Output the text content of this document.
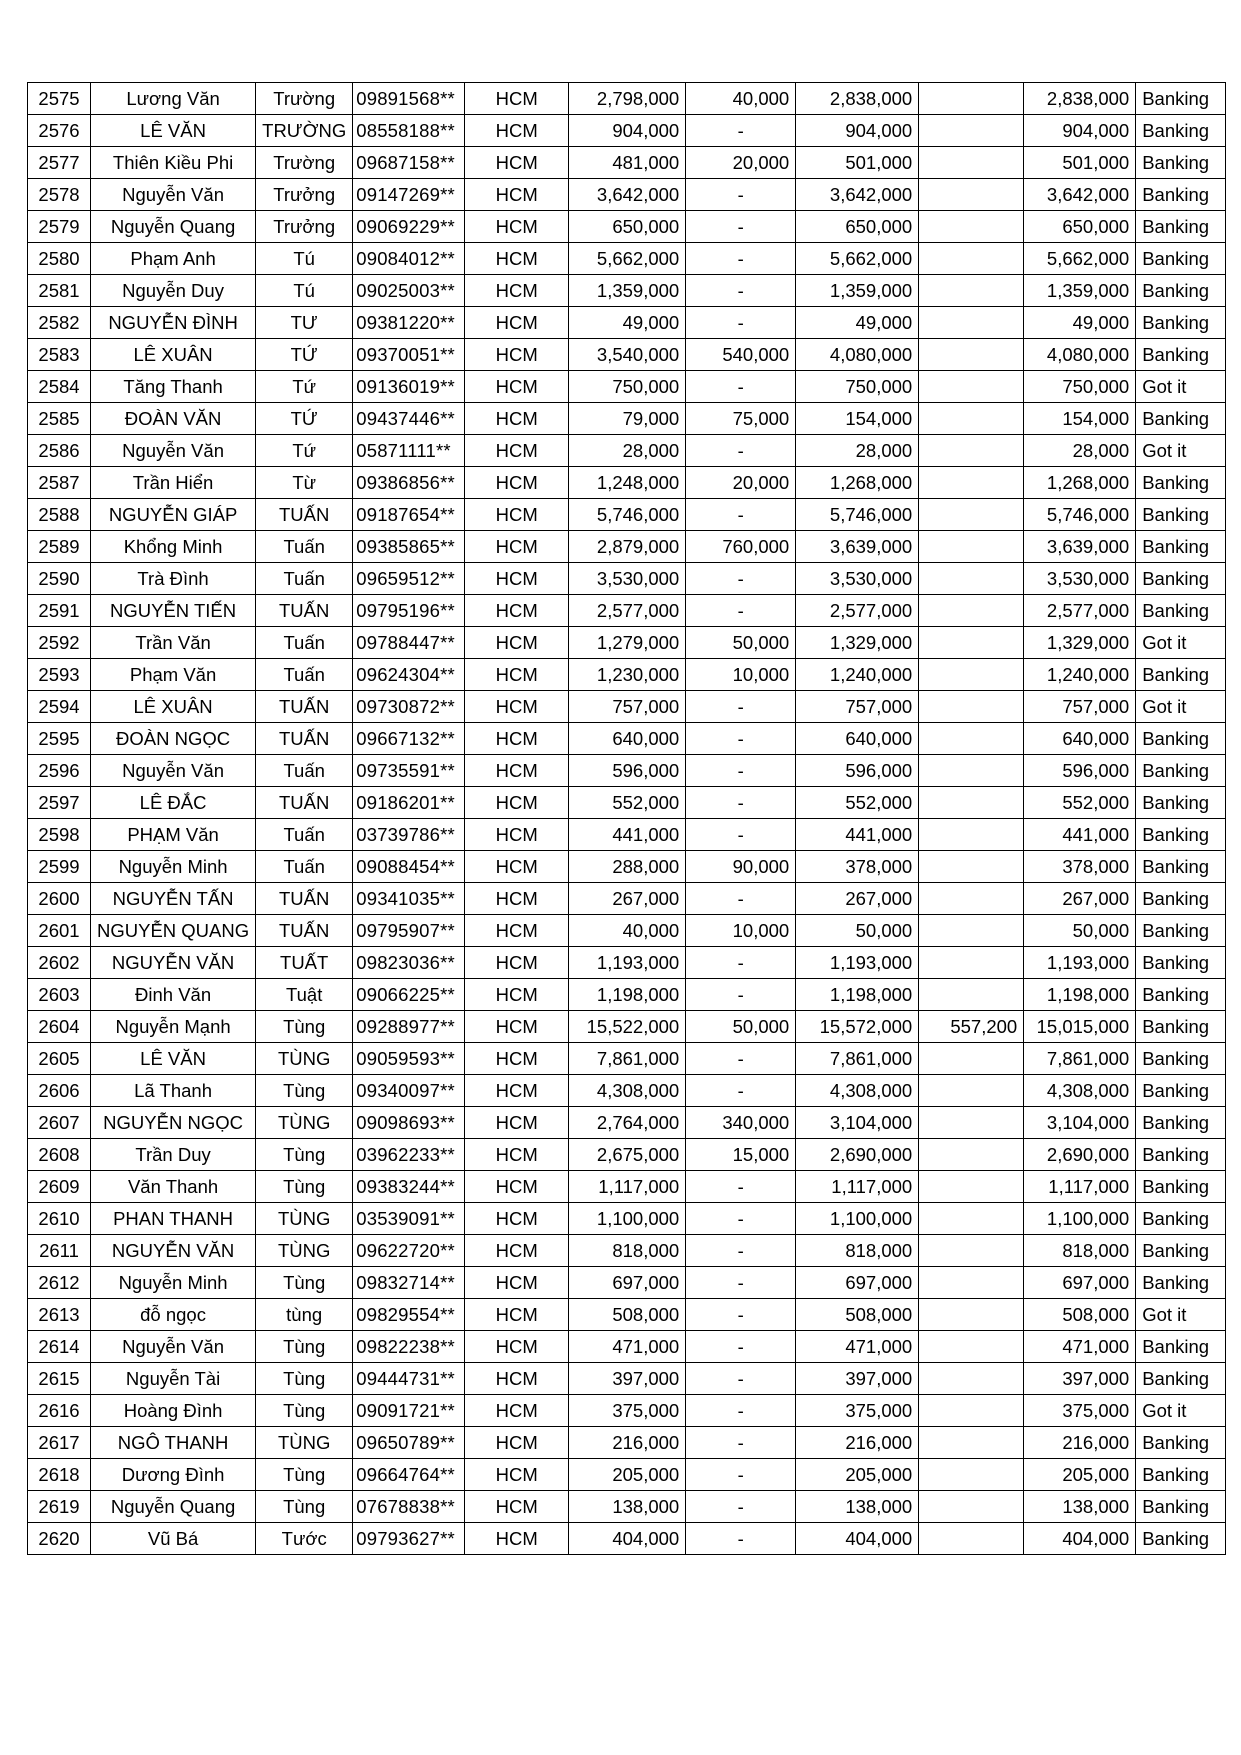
2575	Lương Văn	Trường	09891568**	HCM	2,798,000	40,000	2,838,000		2,838,000	Banking
2576	LÊ VĂN	TRƯỜNG	08558188**	HCM	904,000	-	904,000		904,000	Banking
2577	Thiên Kiều Phi	Trường	09687158**	HCM	481,000	20,000	501,000		501,000	Banking
2578	Nguyễn Văn	Trưởng	09147269**	HCM	3,642,000	-	3,642,000		3,642,000	Banking
2579	Nguyễn Quang	Trưởng	09069229**	HCM	650,000	-	650,000		650,000	Banking
2580	Phạm Anh	Tú	09084012**	HCM	5,662,000	-	5,662,000		5,662,000	Banking
2581	Nguyễn Duy	Tú	09025003**	HCM	1,359,000	-	1,359,000		1,359,000	Banking
2582	NGUYỄN ĐÌNH	TƯ	09381220**	HCM	49,000	-	49,000		49,000	Banking
2583	LÊ XUÂN	TỨ	09370051**	HCM	3,540,000	540,000	4,080,000		4,080,000	Banking
2584	Tăng Thanh	Tứ	09136019**	HCM	750,000	-	750,000		750,000	Got it
2585	ĐOÀN VĂN	TỨ	09437446**	HCM	79,000	75,000	154,000		154,000	Banking
2586	Nguyễn Văn	Tứ	05871111**	HCM	28,000	-	28,000		28,000	Got it
2587	Trần Hiển	Từ	09386856**	HCM	1,248,000	20,000	1,268,000		1,268,000	Banking
2588	NGUYỄN GIÁP	TUẤN	09187654**	HCM	5,746,000	-	5,746,000		5,746,000	Banking
2589	Khổng Minh	Tuấn	09385865**	HCM	2,879,000	760,000	3,639,000		3,639,000	Banking
2590	Trà Đình	Tuấn	09659512**	HCM	3,530,000	-	3,530,000		3,530,000	Banking
2591	NGUYỄN TIẾN	TUẤN	09795196**	HCM	2,577,000	-	2,577,000		2,577,000	Banking
2592	Trần Văn	Tuấn	09788447**	HCM	1,279,000	50,000	1,329,000		1,329,000	Got it
2593	Phạm Văn	Tuấn	09624304**	HCM	1,230,000	10,000	1,240,000		1,240,000	Banking
2594	LÊ XUÂN	TUẤN	09730872**	HCM	757,000	-	757,000		757,000	Got it
2595	ĐOÀN NGỌC	TUẤN	09667132**	HCM	640,000	-	640,000		640,000	Banking
2596	Nguyễn Văn	Tuấn	09735591**	HCM	596,000	-	596,000		596,000	Banking
2597	LÊ ĐẮC	TUẤN	09186201**	HCM	552,000	-	552,000		552,000	Banking
2598	PHẠM Văn	Tuấn	03739786**	HCM	441,000	-	441,000		441,000	Banking
2599	Nguyễn Minh	Tuấn	09088454**	HCM	288,000	90,000	378,000		378,000	Banking
2600	NGUYỄN TẤN	TUẤN	09341035**	HCM	267,000	-	267,000		267,000	Banking
2601	NGUYỄN QUANG	TUẤN	09795907**	HCM	40,000	10,000	50,000		50,000	Banking
2602	NGUYỄN VĂN	TUẤT	09823036**	HCM	1,193,000	-	1,193,000		1,193,000	Banking
2603	Đinh Văn	Tuật	09066225**	HCM	1,198,000	-	1,198,000		1,198,000	Banking
2604	Nguyễn Mạnh	Tùng	09288977**	HCM	15,522,000	50,000	15,572,000	557,200	15,015,000	Banking
2605	LÊ VĂN	TÙNG	09059593**	HCM	7,861,000	-	7,861,000		7,861,000	Banking
2606	Lã Thanh	Tùng	09340097**	HCM	4,308,000	-	4,308,000		4,308,000	Banking
2607	NGUYỄN NGỌC	TÙNG	09098693**	HCM	2,764,000	340,000	3,104,000		3,104,000	Banking
2608	Trần Duy	Tùng	03962233**	HCM	2,675,000	15,000	2,690,000		2,690,000	Banking
2609	Văn Thanh	Tùng	09383244**	HCM	1,117,000	-	1,117,000		1,117,000	Banking
2610	PHAN THANH	TÙNG	03539091**	HCM	1,100,000	-	1,100,000		1,100,000	Banking
2611	NGUYỄN VĂN	TÙNG	09622720**	HCM	818,000	-	818,000		818,000	Banking
2612	Nguyễn Minh	Tùng	09832714**	HCM	697,000	-	697,000		697,000	Banking
2613	đỗ ngọc	tùng	09829554**	HCM	508,000	-	508,000		508,000	Got it
2614	Nguyễn Văn	Tùng	09822238**	HCM	471,000	-	471,000		471,000	Banking
2615	Nguyễn Tài	Tùng	09444731**	HCM	397,000	-	397,000		397,000	Banking
2616	Hoàng Đình	Tùng	09091721**	HCM	375,000	-	375,000		375,000	Got it
2617	NGÔ THANH	TÙNG	09650789**	HCM	216,000	-	216,000		216,000	Banking
2618	Dương Đình	Tùng	09664764**	HCM	205,000	-	205,000		205,000	Banking
2619	Nguyễn Quang	Tùng	07678838**	HCM	138,000	-	138,000		138,000	Banking
2620	Vũ Bá	Tước	09793627**	HCM	404,000	-	404,000		404,000	Banking
